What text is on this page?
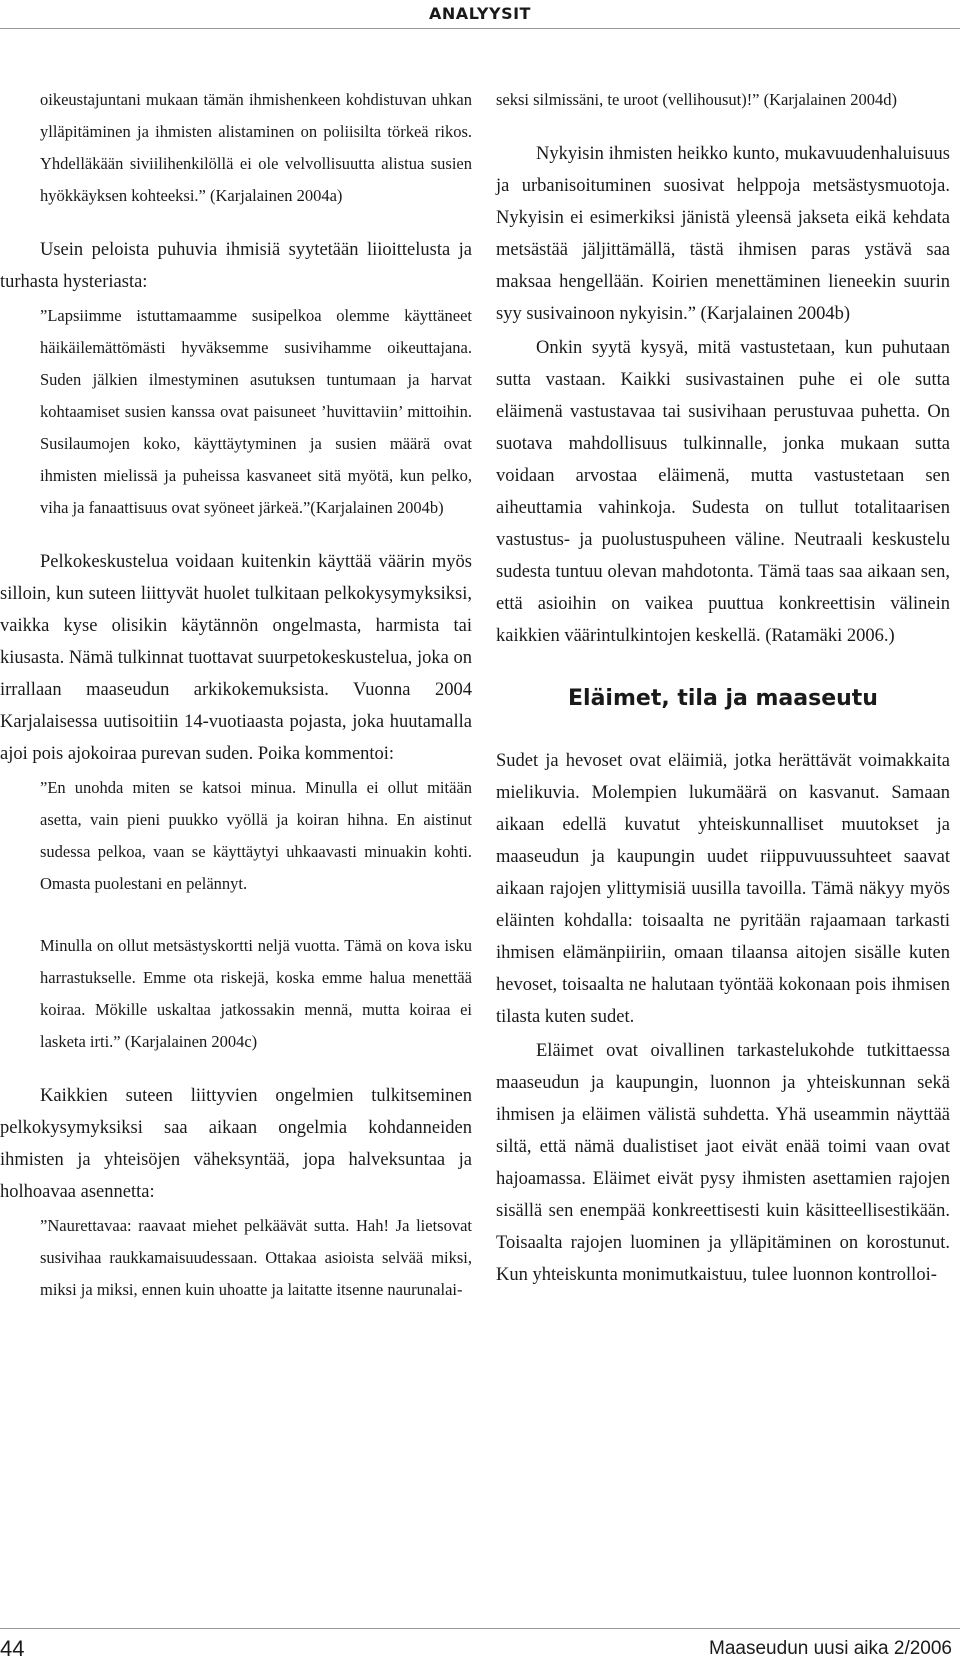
ANALYYSIT

oikeustajuntani mukaan tämän ihmishenkeen kohdistuvan uhkan ylläpitäminen ja ihmisten alistaminen on poliisilta törkeä rikos. Yhdelläkään siviilihenkilöllä ei ole velvollisuutta alistua susien hyökkäyksen kohteeksi.” (Karjalainen 2004a)

Usein peloista puhuvia ihmisiä syytetään liioittelusta ja turhasta hysteriasta:

”Lapsiimme istuttamaamme susipelkoa olemme käyttäneet häikäilemättömästi hyväksemme susivihamme oikeuttajana. Suden jälkien ilmestyminen asutuksen tuntumaan ja harvat kohtaamiset susien kanssa ovat paisuneet ’huvittaviin’ mittoihin. Susilaumojen koko, käyttäytyminen ja susien määrä ovat ihmisten mielissä ja puheissa kasvaneet sitä myötä, kun pelko, viha ja fanaattisuus ovat syöneet järkeä.”(Karjalainen 2004b)

Pelkokeskustelua voidaan kuitenkin käyttää väärin myös silloin, kun suteen liittyvät huolet tulkitaan pelkokysymyksiksi, vaikka kyse olisikin käytännön ongelmasta, harmista tai kiusasta. Nämä tulkinnat tuottavat suurpetokeskustelua, joka on irrallaan maaseudun arkikokemuksista. Vuonna 2004 Karjalaisessa uutisoitiin 14-vuotiaasta pojasta, joka huutamalla ajoi pois ajokoiraa purevan suden. Poika kommentoi:

”En unohda miten se katsoi minua. Minulla ei ollut mitään asetta, vain pieni puukko vyöllä ja koiran hihna. En aistinut sudessa pelkoa, vaan se käyttäytyi uhkaavasti minuakin kohti. Omasta puolestani en pelännyt.

Minulla on ollut metsästyskortti neljä vuotta. Tämä on kova isku harrastukselle. Emme ota riskejä, koska emme halua menettää koiraa. Mökille uskaltaa jatkossakin mennä, mutta koiraa ei lasketa irti.” (Karjalainen 2004c)

Kaikkien suteen liittyvien ongelmien tulkitseminen pelkokysymyksiksi saa aikaan ongelmia kohdanneiden ihmisten ja yhteisöjen väheksyntää, jopa halveksuntaa ja holhoavaa asennetta:

”Naurettavaa: raavaat miehet pelkäävät sutta. Hah! Ja lietsovat susivihaa raukkamaisuudessaan. Ottakaa asioista selvää miksi, miksi ja miksi, ennen kuin uhoatte ja laitatte itsenne naurunalai-

seksi silmissäni, te uroot (vellihousut)!” (Karjalainen 2004d)

Nykyisin ihmisten heikko kunto, mukavuudenhaluisuus ja urbanisoituminen suosivat helppoja metsästysmuotoja. Nykyisin ei esimerkiksi jänistä yleensä jakseta eikä kehdata metsästää jäljittämällä, tästä ihmisen paras ystävä saa maksaa hengellään. Koirien menettäminen lieneekin suurin syy susivainoon nykyisin.” (Karjalainen 2004b)

Onkin syytä kysyä, mitä vastustetaan, kun puhutaan sutta vastaan. Kaikki susivastainen puhe ei ole sutta eläimenä vastustavaa tai susivihaan perustuvaa puhetta. On suotava mahdollisuus tulkinnalle, jonka mukaan sutta voidaan arvostaa eläimenä, mutta vastustetaan sen aiheuttamia vahinkoja. Sudesta on tullut totalitaarisen vastustus- ja puolustuspuheen väline. Neutraali keskustelu sudesta tuntuu olevan mahdotonta. Tämä taas saa aikaan sen, että asioihin on vaikea puuttua konkreettisin välinein kaikkien väärintulkintojen keskellä. (Ratamäki 2006.)

Eläimet, tila ja maaseutu

Sudet ja hevoset ovat eläimiä, jotka herättävät voimakkaita mielikuvia. Molempien lukumäärä on kasvanut. Samaan aikaan edellä kuvatut yhteiskunnalliset muutokset ja maaseudun ja kaupungin uudet riippuvuussuhteet saavat aikaan rajojen ylittymisiä uusilla tavoilla. Tämä näkyy myös eläinten kohdalla: toisaalta ne pyritään rajaamaan tarkasti ihmisen elämänpiiriin, omaan tilaansa aitojen sisälle kuten hevoset, toisaalta ne halutaan työntää kokonaan pois ihmisen tilasta kuten sudet.

Eläimet ovat oivallinen tarkastelukohde tutkittaessa maaseudun ja kaupungin, luonnon ja yhteiskunnan sekä ihmisen ja eläimen välistä suhdetta. Yhä useammin näyttää siltä, että nämä dualistiset jaot eivät enää toimi vaan ovat hajoamassa. Eläimet eivät pysy ihmisten asettamien rajojen sisällä sen enempää konkreettisesti kuin käsitteellisestikään. Toisaalta rajojen luominen ja ylläpitäminen on korostunut. Kun yhteiskunta monimutkaistuu, tulee luonnon kontrolloi-

44	Maaseudun uusi aika 2/2006
